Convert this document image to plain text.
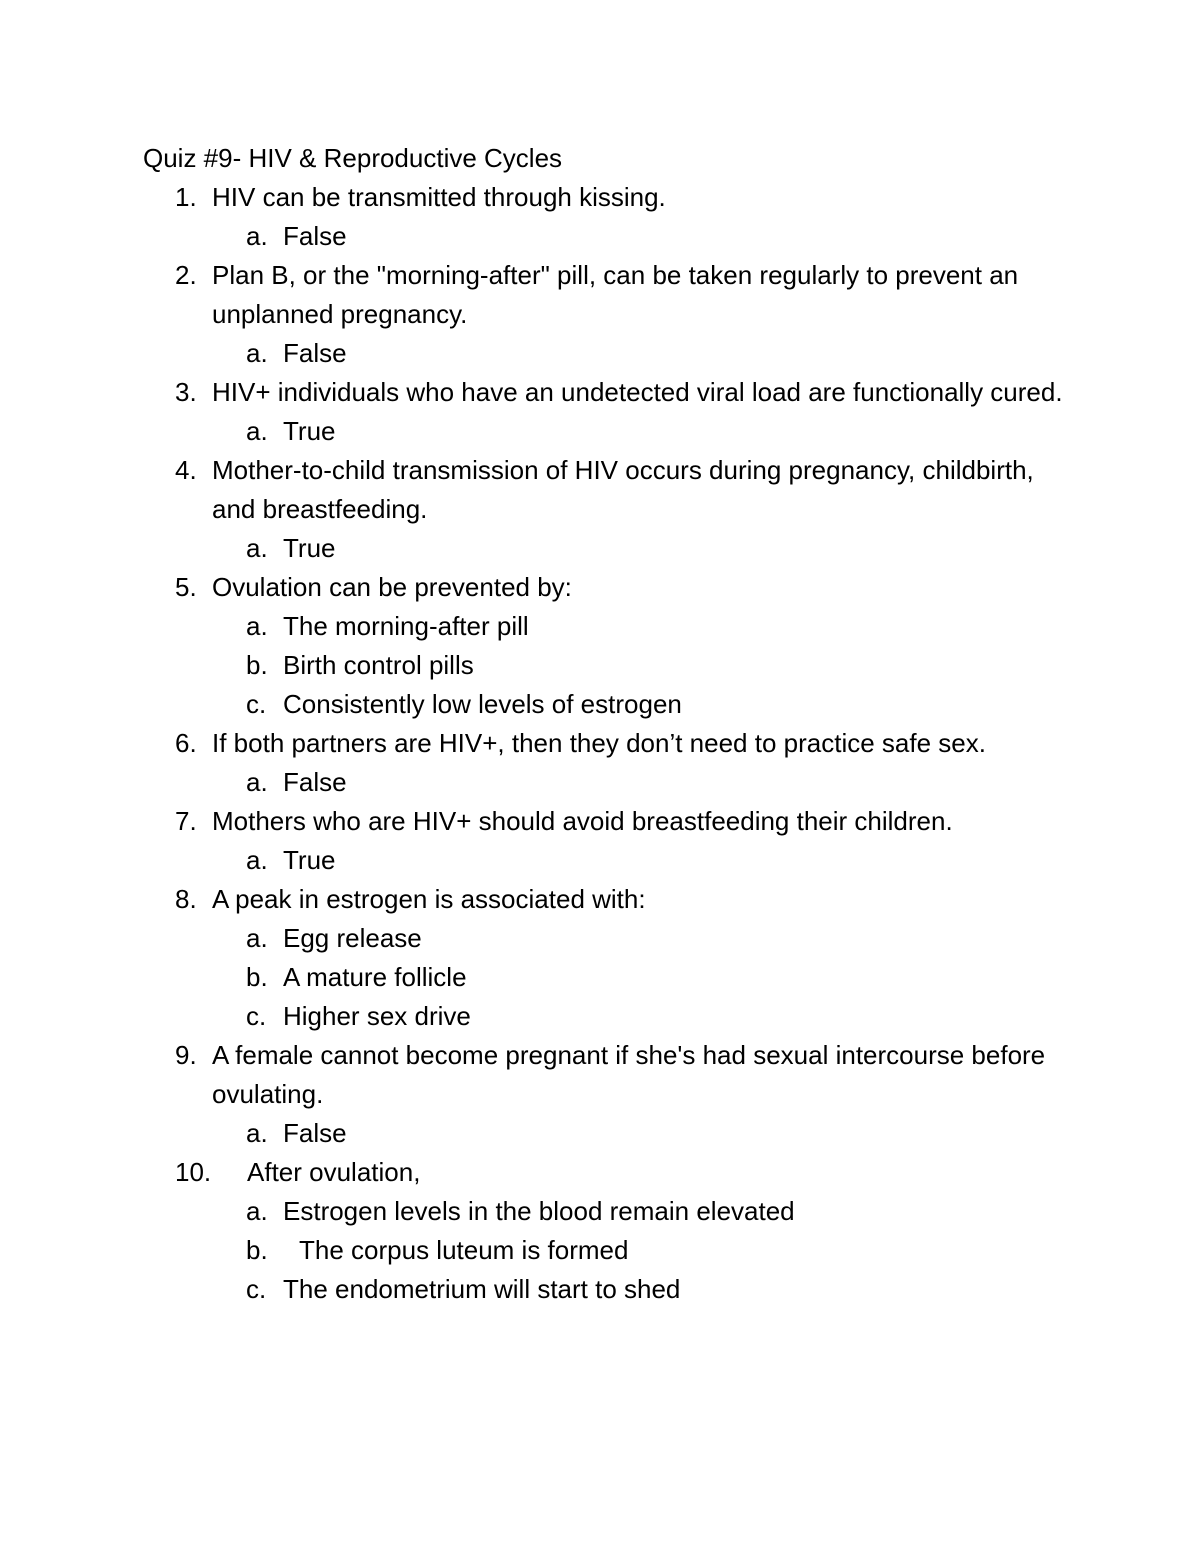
Quiz #9- HIV & Reproductive Cycles
1. HIV can be transmitted through kissing.
a. False
2. Plan B, or the "morning-after" pill, can be taken regularly to prevent an unplanned pregnancy.
a. False
3. HIV+ individuals who have an undetected viral load are functionally cured.
a. True
4. Mother-to-child transmission of HIV occurs during pregnancy, childbirth, and breastfeeding.
a. True
5. Ovulation can be prevented by:
a. The morning-after pill
b. Birth control pills
c. Consistently low levels of estrogen
6. If both partners are HIV+, then they don’t need to practice safe sex.
a. False
7. Mothers who are HIV+ should avoid breastfeeding their children.
a. True
8. A peak in estrogen is associated with:
a. Egg release
b. A mature follicle
c. Higher sex drive
9. A female cannot become pregnant if she's had sexual intercourse before ovulating.
a. False
10. After ovulation,
a. Estrogen levels in the blood remain elevated
b. The corpus luteum is formed
c. The endometrium will start to shed
